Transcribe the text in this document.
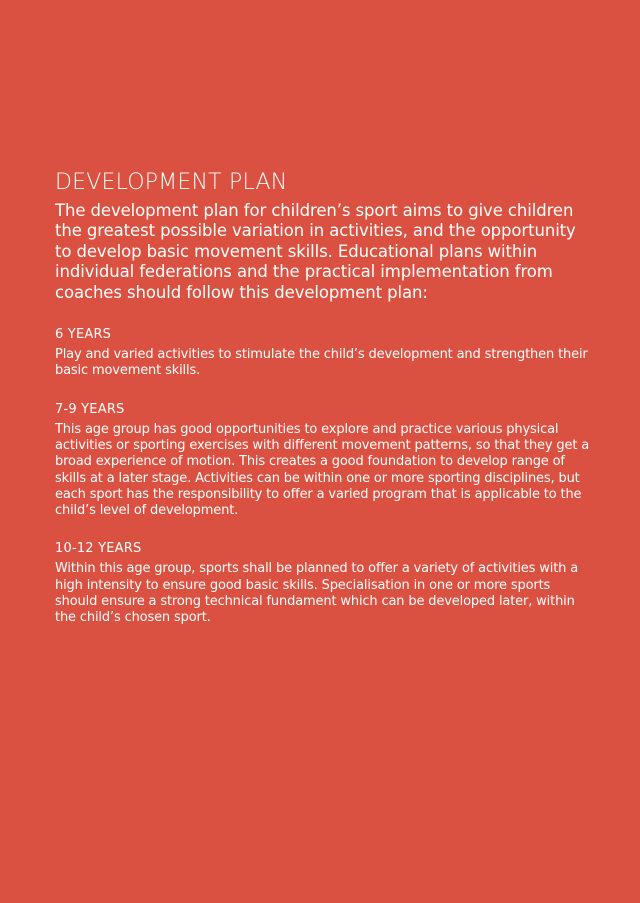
DEVELOPMENT PLAN

The development plan for children’s sport aims to give children the greatest possible variation in activities, and the opportunity to develop basic movement skills. Educational plans within individual federations and the practical implementation from coaches should follow this development plan:

6 YEARS

Play and varied activities to stimulate the child’s development and strengthen their basic movement skills.

7-9 YEARS

This age group has good opportunities to explore and practice various physical activities or sporting exercises with different movement patterns, so that they get a broad experience of motion. This creates a good foundation to develop range of skills at a later stage. Activities can be within one or more sporting disciplines, but each sport has the responsibility to offer a varied program that is applicable to the child’s level of development.

10-12 YEARS

Within this age group, sports shall be planned to offer a variety of activities with a high intensity to ensure good basic skills. Specialisation in one or more sports should ensure a strong technical fundament which can be developed later, within the child’s chosen sport.
